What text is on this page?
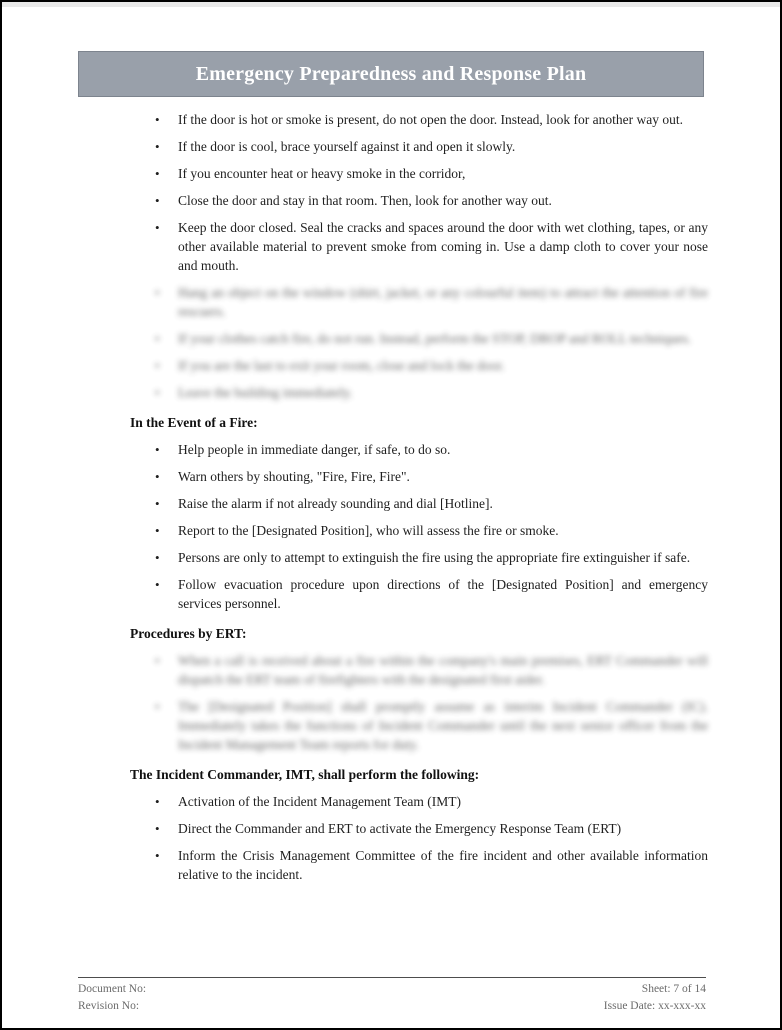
Emergency Preparedness and Response Plan
• If the door is hot or smoke is present, do not open the door. Instead, look for another way out.
• If the door is cool, brace yourself against it and open it slowly.
• If you encounter heat or heavy smoke in the corridor,
• Close the door and stay in that room. Then, look for another way out.
• Keep the door closed. Seal the cracks and spaces around the door with wet clothing, tapes, or any other available material to prevent smoke from coming in. Use a damp cloth to cover your nose and mouth.
• Hang an object on the window (shirt, jacket, or any colourful item) to attract the attention of fire rescuers.
• If your clothes catch fire, do not run. Instead, perform the STOP, DROP and ROLL techniques.
• If you are the last to exit your room, close and lock the door.
• Leave the building immediately.
In the Event of a Fire:
• Help people in immediate danger, if safe, to do so.
• Warn others by shouting, "Fire, Fire, Fire".
• Raise the alarm if not already sounding and dial [Hotline].
• Report to the [Designated Position], who will assess the fire or smoke.
• Persons are only to attempt to extinguish the fire using the appropriate fire extinguisher if safe.
• Follow evacuation procedure upon directions of the [Designated Position] and emergency services personnel.
Procedures by ERT:
• When a call is received about a fire within the company's main premises, ERT Commander will dispatch the ERT team of firefighters with the designated first aider.
• The [Designated Position] shall promptly assume as interim Incident Commander (IC). Immediately takes the functions of Incident Commander until the next senior officer from the Incident Management Team reports for duty.
The Incident Commander, IMT, shall perform the following:
• Activation of the Incident Management Team (IMT)
• Direct the Commander and ERT to activate the Emergency Response Team (ERT)
• Inform the Crisis Management Committee of the fire incident and other available information relative to the incident.
Document No:	Sheet: 7 of 14
Revision No:	Issue Date: xx-xxx-xx
